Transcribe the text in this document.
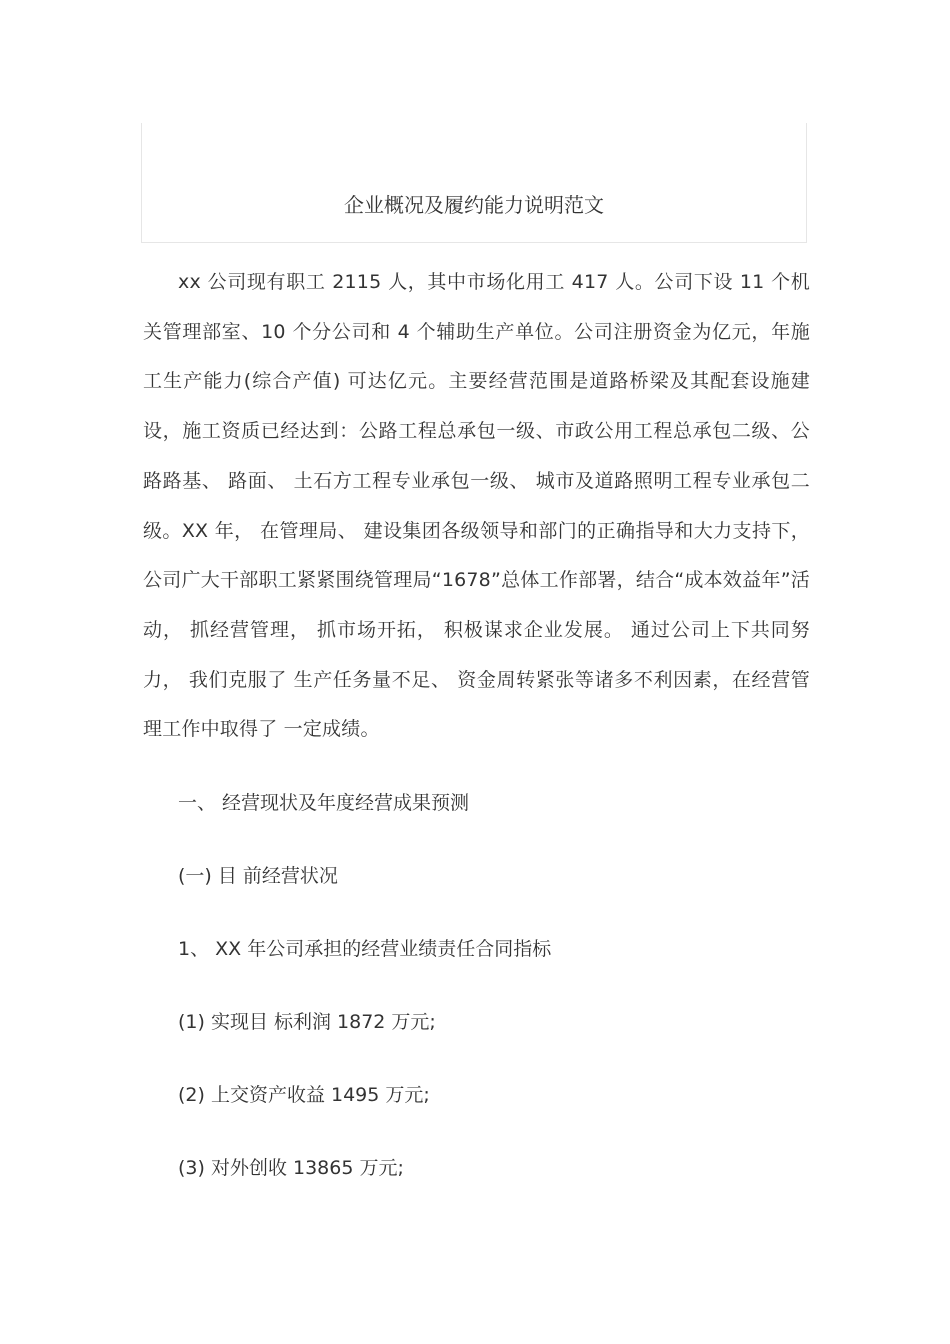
企业概况及履约能力说明范文

xx 公司现有职工 2115 人，其中市场化用工 417 人。公司下设 11 个机关管理部室、10 个分公司和 4 个辅助生产单位。公司注册资金为亿元，年施工生产能力(综合产值) 可达亿元。主要经营范围是道路桥梁及其配套设施建设，施工资质已经达到：公路工程总承包一级、市政公用工程总承包二级、公路路基、 路面、 土石方工程专业承包一级、 城市及道路照明工程专业承包二级。XX 年， 在管理局、 建设集团各级领导和部门的正确指导和大力支持下，公司广大干部职工紧紧围绕管理局“1678”总体工作部署，结合“成本效益年”活动， 抓经营管理， 抓市场开拓， 积极谋求企业发展。 通过公司上下共同努力， 我们克服了 生产任务量不足、 资金周转紧张等诸多不利因素，在经营管理工作中取得了 一定成绩。

一、 经营现状及年度经营成果预测

(一) 目 前经营状况

1、 XX 年公司承担的经营业绩责任合同指标

(1) 实现目 标利润 1872 万元;

(2) 上交资产收益 1495 万元;

(3) 对外创收 13865 万元;
